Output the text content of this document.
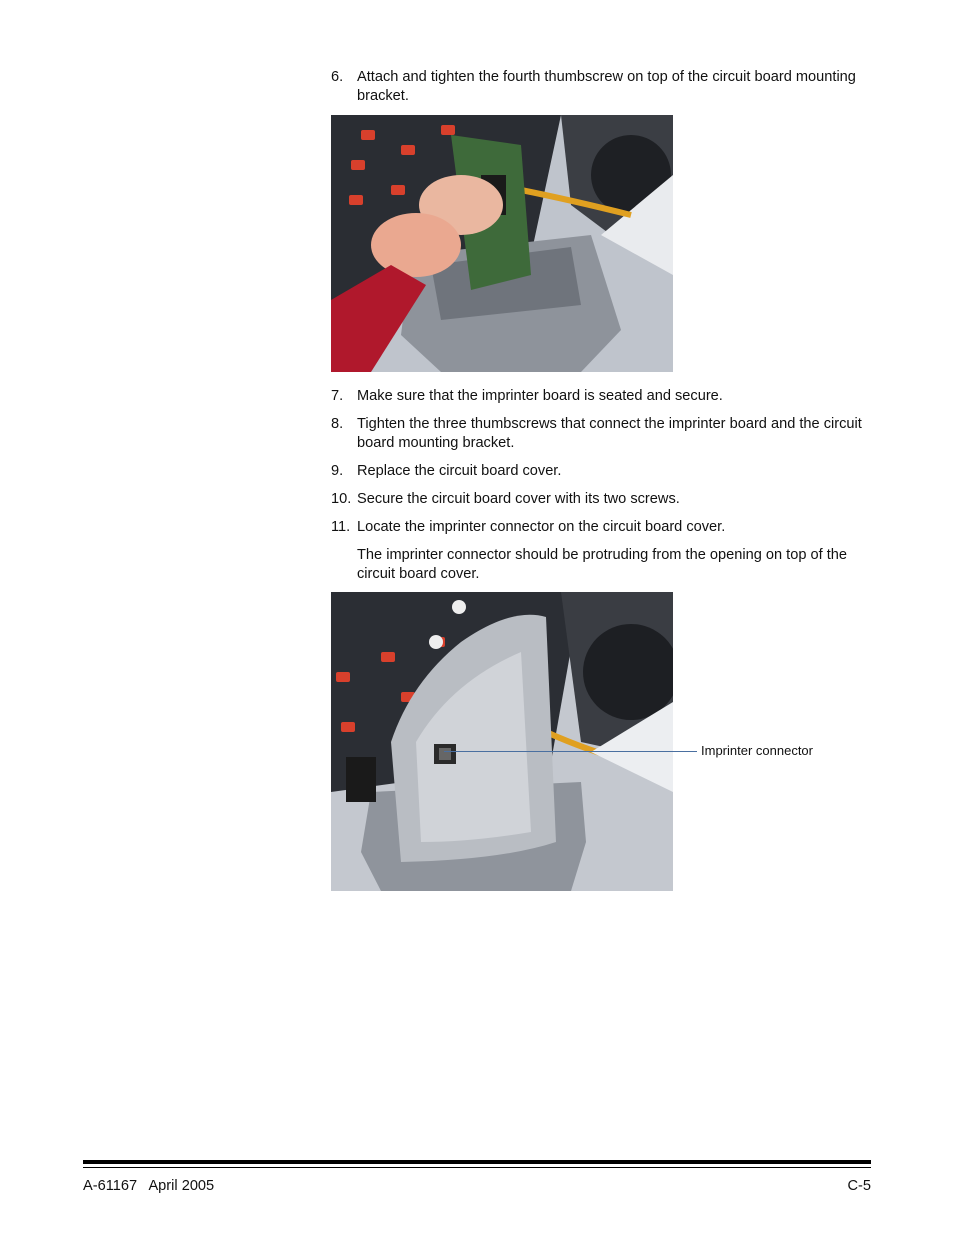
6. Attach and tighten the fourth thumbscrew on top of the circuit board mounting bracket.
7. Make sure that the imprinter board is seated and secure.
8. Tighten the three thumbscrews that connect the imprinter board and the circuit board mounting bracket.
9. Replace the circuit board cover.
10. Secure the circuit board cover with its two screws.
11. Locate the imprinter connector on the circuit board cover.
The imprinter connector should be protruding from the opening on top of the circuit board cover.
Imprinter connector
A-61167   April 2005	C-5
